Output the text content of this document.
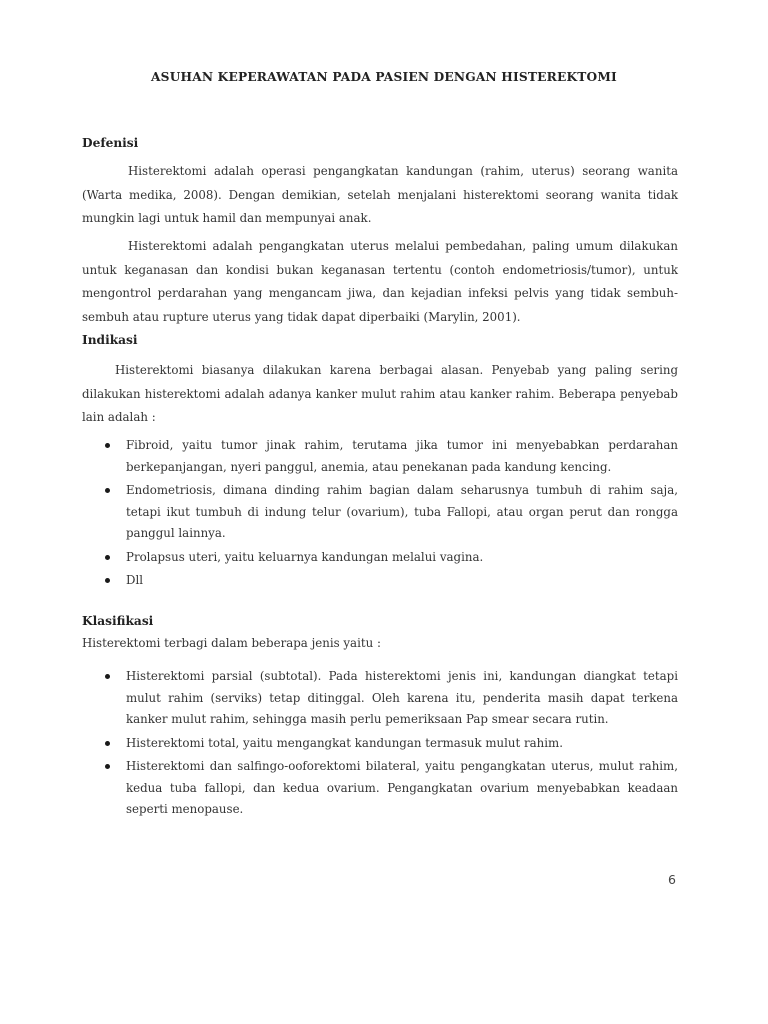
ASUHAN KEPERAWATAN PADA PASIEN DENGAN HISTEREKTOMI
Defenisi
Histerektomi adalah operasi pengangkatan kandungan (rahim, uterus) seorang wanita (Warta medika, 2008). Dengan demikian, setelah menjalani histerektomi seorang wanita tidak mungkin lagi untuk hamil dan mempunyai anak.
Histerektomi adalah pengangkatan uterus melalui pembedahan, paling umum dilakukan untuk keganasan dan kondisi bukan keganasan tertentu (contoh endometriosis/tumor), untuk mengontrol perdarahan yang mengancam jiwa, dan kejadian infeksi pelvis yang tidak sembuh-sembuh atau rupture uterus yang tidak dapat diperbaiki (Marylin, 2001).
Indikasi
Histerektomi biasanya dilakukan karena berbagai alasan. Penyebab yang paling sering dilakukan histerektomi adalah adanya kanker mulut rahim atau kanker rahim. Beberapa penyebab lain adalah :
Fibroid, yaitu tumor jinak rahim, terutama jika tumor ini menyebabkan perdarahan berkepanjangan, nyeri panggul, anemia, atau penekanan pada kandung kencing.
Endometriosis, dimana dinding rahim bagian dalam seharusnya tumbuh di rahim saja, tetapi ikut tumbuh di indung telur (ovarium), tuba Fallopi, atau organ perut dan rongga panggul lainnya.
Prolapsus uteri, yaitu keluarnya kandungan melalui vagina.
Dll
Klasifikasi
Histerektomi terbagi dalam beberapa jenis yaitu :
Histerektomi parsial (subtotal). Pada histerektomi jenis ini, kandungan diangkat tetapi mulut rahim (serviks) tetap ditinggal. Oleh karena itu, penderita masih dapat terkena kanker mulut rahim, sehingga masih perlu pemeriksaan Pap smear secara rutin.
Histerektomi total, yaitu mengangkat kandungan termasuk mulut rahim.
Histerektomi dan salfingo-ooforektomi bilateral, yaitu pengangkatan uterus, mulut rahim, kedua tuba fallopi, dan kedua ovarium. Pengangkatan ovarium menyebabkan keadaan seperti menopause.
6
